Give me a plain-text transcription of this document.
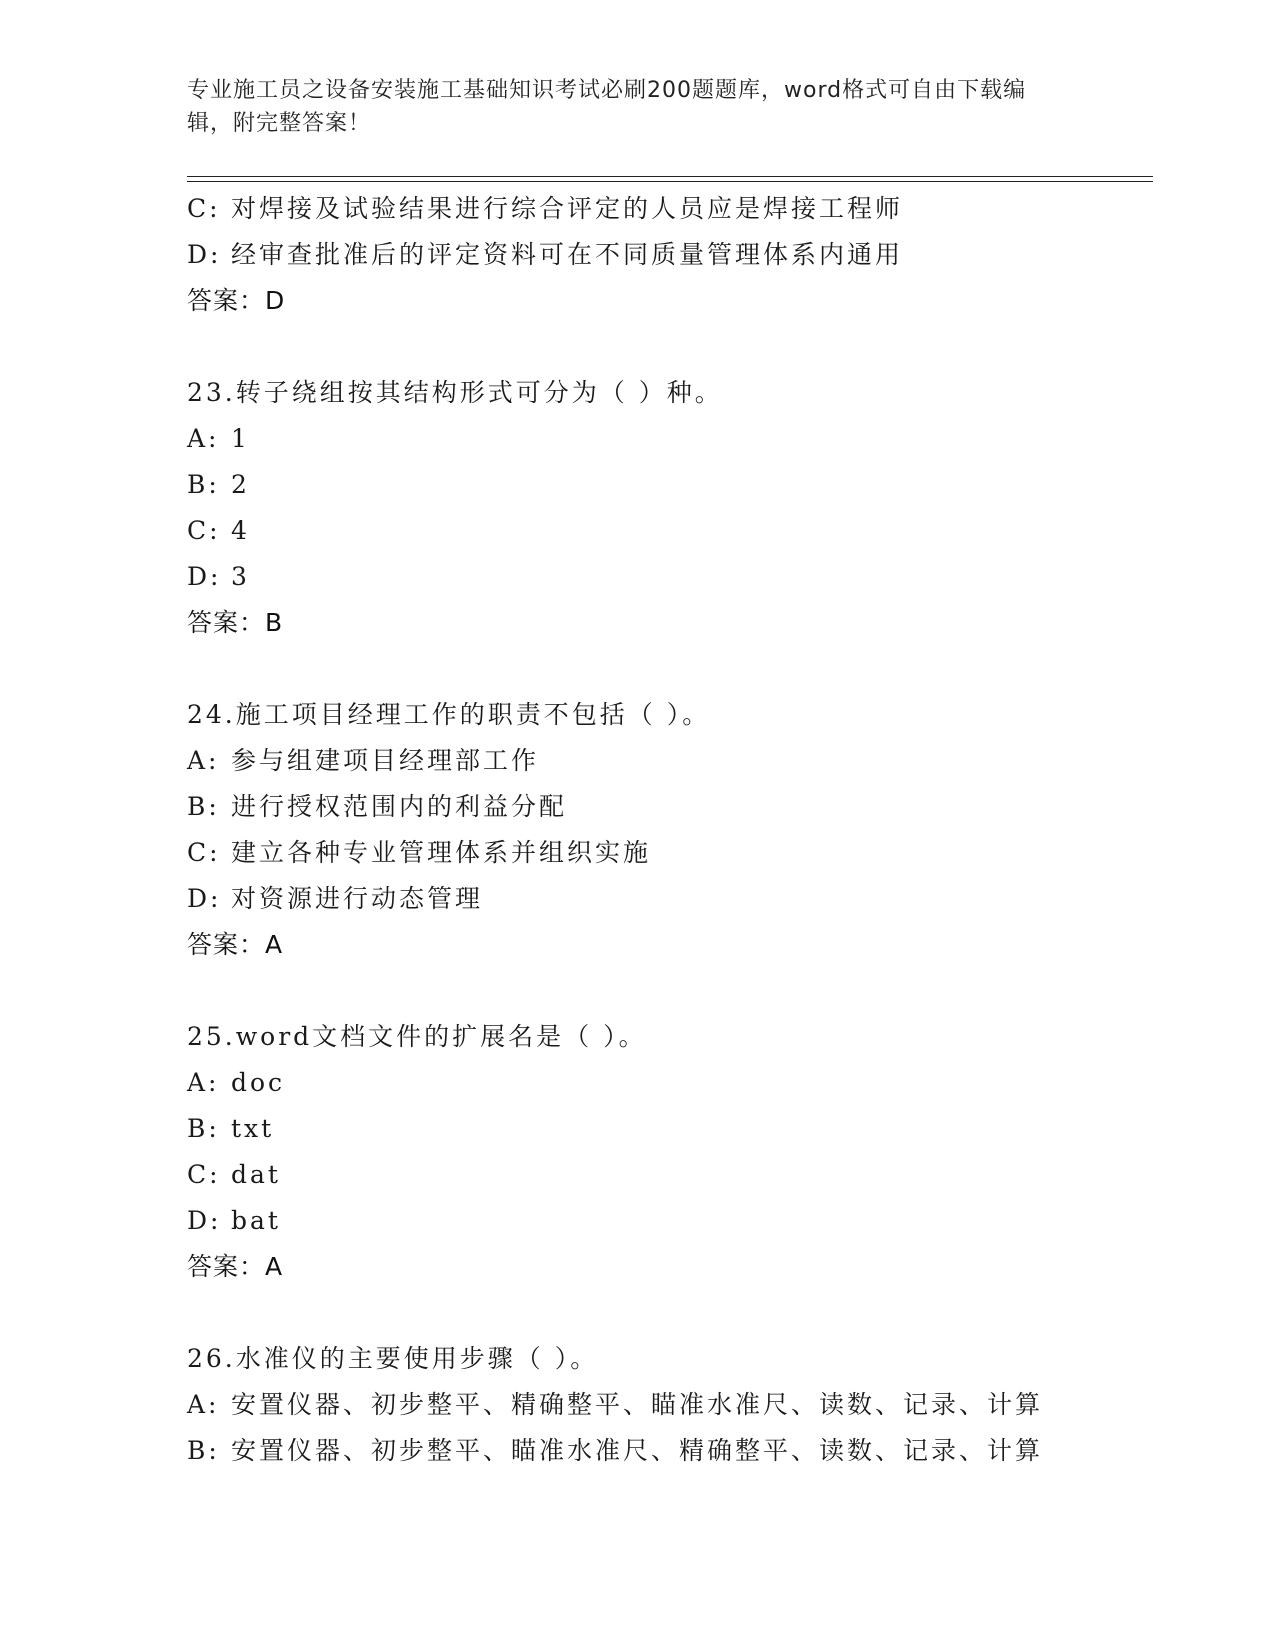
专业施工员之设备安装施工基础知识考试必刷200题题库，word格式可自由下载编辑，附完整答案！
C: 对焊接及试验结果进行综合评定的人员应是焊接工程师
D: 经审查批准后的评定资料可在不同质量管理体系内通用
答案：D
23.转子绕组按其结构形式可分为（ ）种。
A: 1
B: 2
C: 4
D: 3
答案：B
24.施工项目经理工作的职责不包括（ ）。
A: 参与组建项目经理部工作
B: 进行授权范围内的利益分配
C: 建立各种专业管理体系并组织实施
D: 对资源进行动态管理
答案：A
25.word文档文件的扩展名是（ ）。
A: doc
B: txt
C: dat
D: bat
答案：A
26.水准仪的主要使用步骤（ ）。
A: 安置仪器、初步整平、精确整平、瞄准水准尺、读数、记录、计算
B: 安置仪器、初步整平、瞄准水准尺、精确整平、读数、记录、计算
